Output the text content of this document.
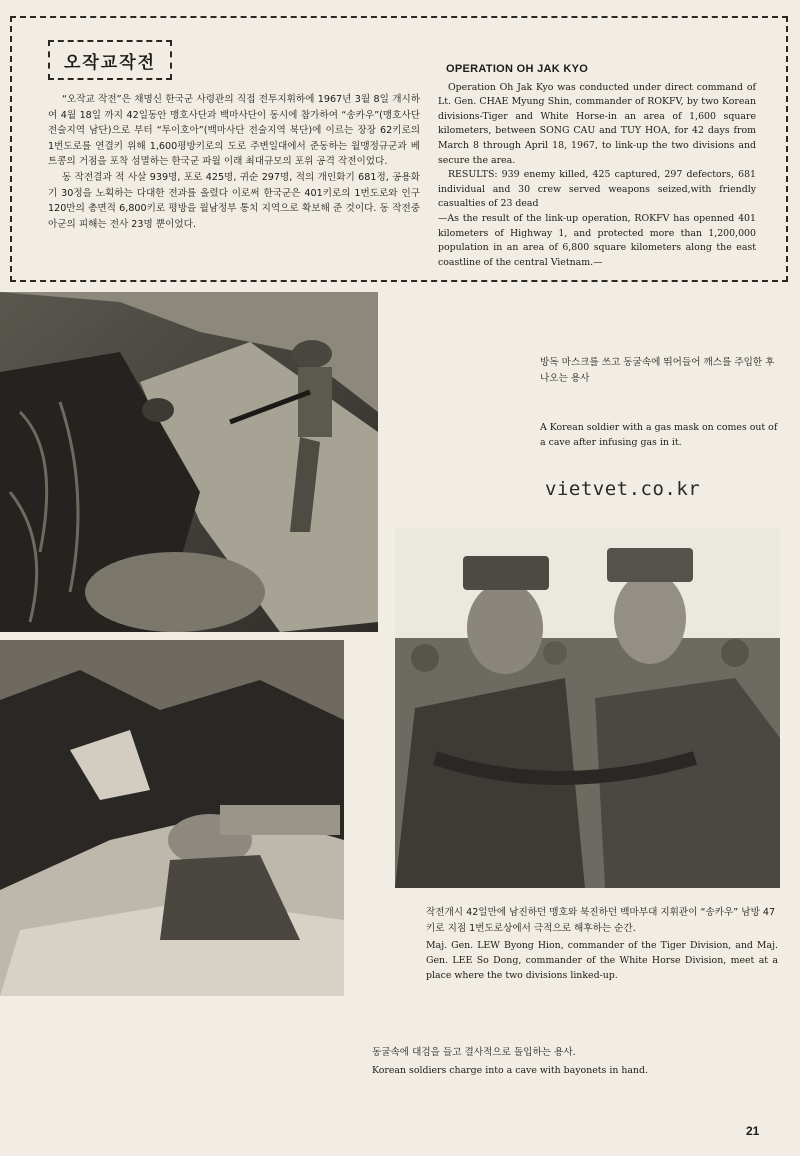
오작교작전

“오작교 작전”은 채명신 한국군 사령관의 직접 전투지휘하에 1967년 3월 8일 개시하여 4월 18일 까지 42일동안 맹호사단과 백마사단이 동시에 참가하여 “송카우”(맹호사단 전술지역 남단)으로 부터 “투이호아”(백마사단 전술지역 북단)에 이르는 장장 62키로의 1번도로를 연결키 위해 1,600평방키로의 도로 주변일대에서 준동하는 월맹정규군과 베트콩의 거점을 포착 섬멸하는 한국군 파월 이래 최대규모의 포위 공격 작전이었다.

동 작전결과 적 사살 939명, 포로 425명, 귀순 297명, 적의 개인화기 681정, 공용화기 30정을 노획하는 다대한 전과를 올렸다 이로써 한국군은 401키로의 1번도로와 인구 120만의 총면적 6,800키로 평방을 월남정부 통치 지역으로 확보해 준 것이다. 동 작전중 아군의 피해는 전사 23명 뿐이었다.

OPERATION OH JAK KYO

Operation Oh Jak Kyo was conducted under direct command of Lt. Gen. CHAE Myung Shin, commander of ROKFV, by two Korean divisions-Tiger and White Horse-in an area of 1,600 square kilometers, between SONG CAU and TUY HOA, for 42 days from March 8 through April 18, 1967, to link-up the two divisions and secure the area.

RESULTS: 939 enemy killed, 425 captured, 297 defectors, 681 individual and 30 crew served weapons seized,with friendly casualties of 23 dead

—As the result of the link-up operation, ROKFV has openned 401 kilometers of Highway 1, and protected more than 1,200,000 population in an area of 6,800 square kilometers along the east coastline of the central Vietnam.—

방독 마스크를 쓰고 동굴속에 뛰어들어 깨스를 주입한 후 나오는 용사

A Korean soldier with a gas mask on comes out of a cave after infusing gas in it.

vietvet.co.kr

작전개시 42일만에 남진하던 맹호와 북진하던 백마부대 지휘관이 “송카우” 남방 47키로 지점 1번도로상에서 극적으로 해후하는 순간.

Maj. Gen. LEW Byong Hion, commander of the Tiger Division, and Maj. Gen. LEE So Dong, commander of the White Horse Division, meet at a place where the two divisions linked-up.

동굴속에 대검을 들고 결사적으로 돌입하는 용사.

Korean soldiers charge into a cave with bayonets in hand.

21
